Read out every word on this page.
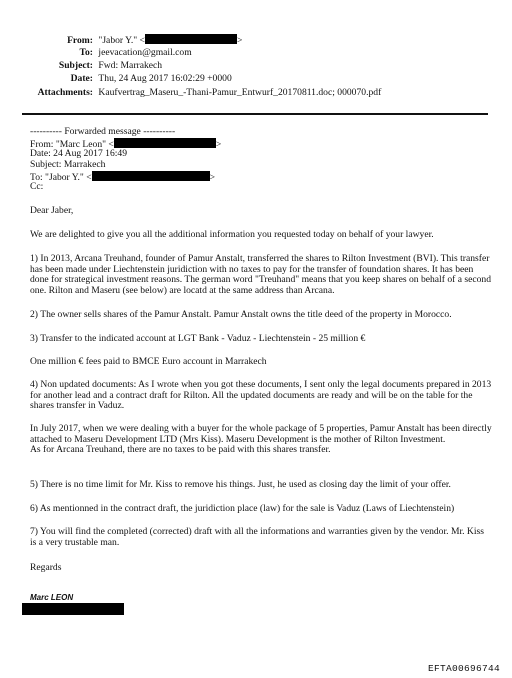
From: "Jabor Y." <	>
To: jeevacation@gmail.com
Subject: Fwd: Marrakech
Date: Thu, 24 Aug 2017 16:02:29 +0000
Attachments: Kaufvertrag_Maseru_-Thani-Pamur_Entwurf_20170811.doc; 000070.pdf
---------- Forwarded message ----------
From: "Marc Leon" <	>
Date: 24 Aug 2017 16:49
Subject: Marrakech
To: "Jabor Y." <	>
Cc:

Dear Jaber,

We are delighted to give you all the additional information you requested today on behalf of your lawyer.

1) In 2013, Arcana Treuhand, founder of Pamur Anstalt, transferred the shares to Rilton Investment (BVI). This transfer has been made under Liechtenstein juridiction with no taxes to pay for the transfer of foundation shares. It has been done for strategical investment reasons. The german word "Treuhand" means that you keep shares on behalf of a second one. Rilton and Maseru (see below) are locatd at the same address than Arcana.

2) The owner sells shares of the Pamur Anstalt. Pamur Anstalt owns the title deed of the property in Morocco.

3) Transfer to the indicated account at LGT Bank - Vaduz - Liechtenstein - 25 million €

One million € fees paid to BMCE Euro account in Marrakech

4) Non updated documents: As I wrote when you got these documents, I sent only the legal documents prepared in 2013 for another lead and a contract draft for Rilton. All the updated documents are ready and will be on the table for the shares transfer in Vaduz.

In July 2017, when we were dealing with a buyer for the whole package of 5 properties, Pamur Anstalt has been directly attached to Maseru Development LTD (Mrs Kiss). Maseru Development is the mother of Rilton Investment.

As for Arcana Treuhand, there are no taxes to be paid with this shares transfer.

5) There is no time limit for Mr. Kiss to remove his things. Just, he used as closing day the limit of your offer.

6) As mentionned in the contract draft, the juridiction place (law) for the sale is Vaduz (Laws of Liechtenstein)

7) You will find the completed (corrected) draft with all the informations and warranties given by the vendor. Mr. Kiss is a very trustable man.

Regards

Marc LEON
EFTA00696744
